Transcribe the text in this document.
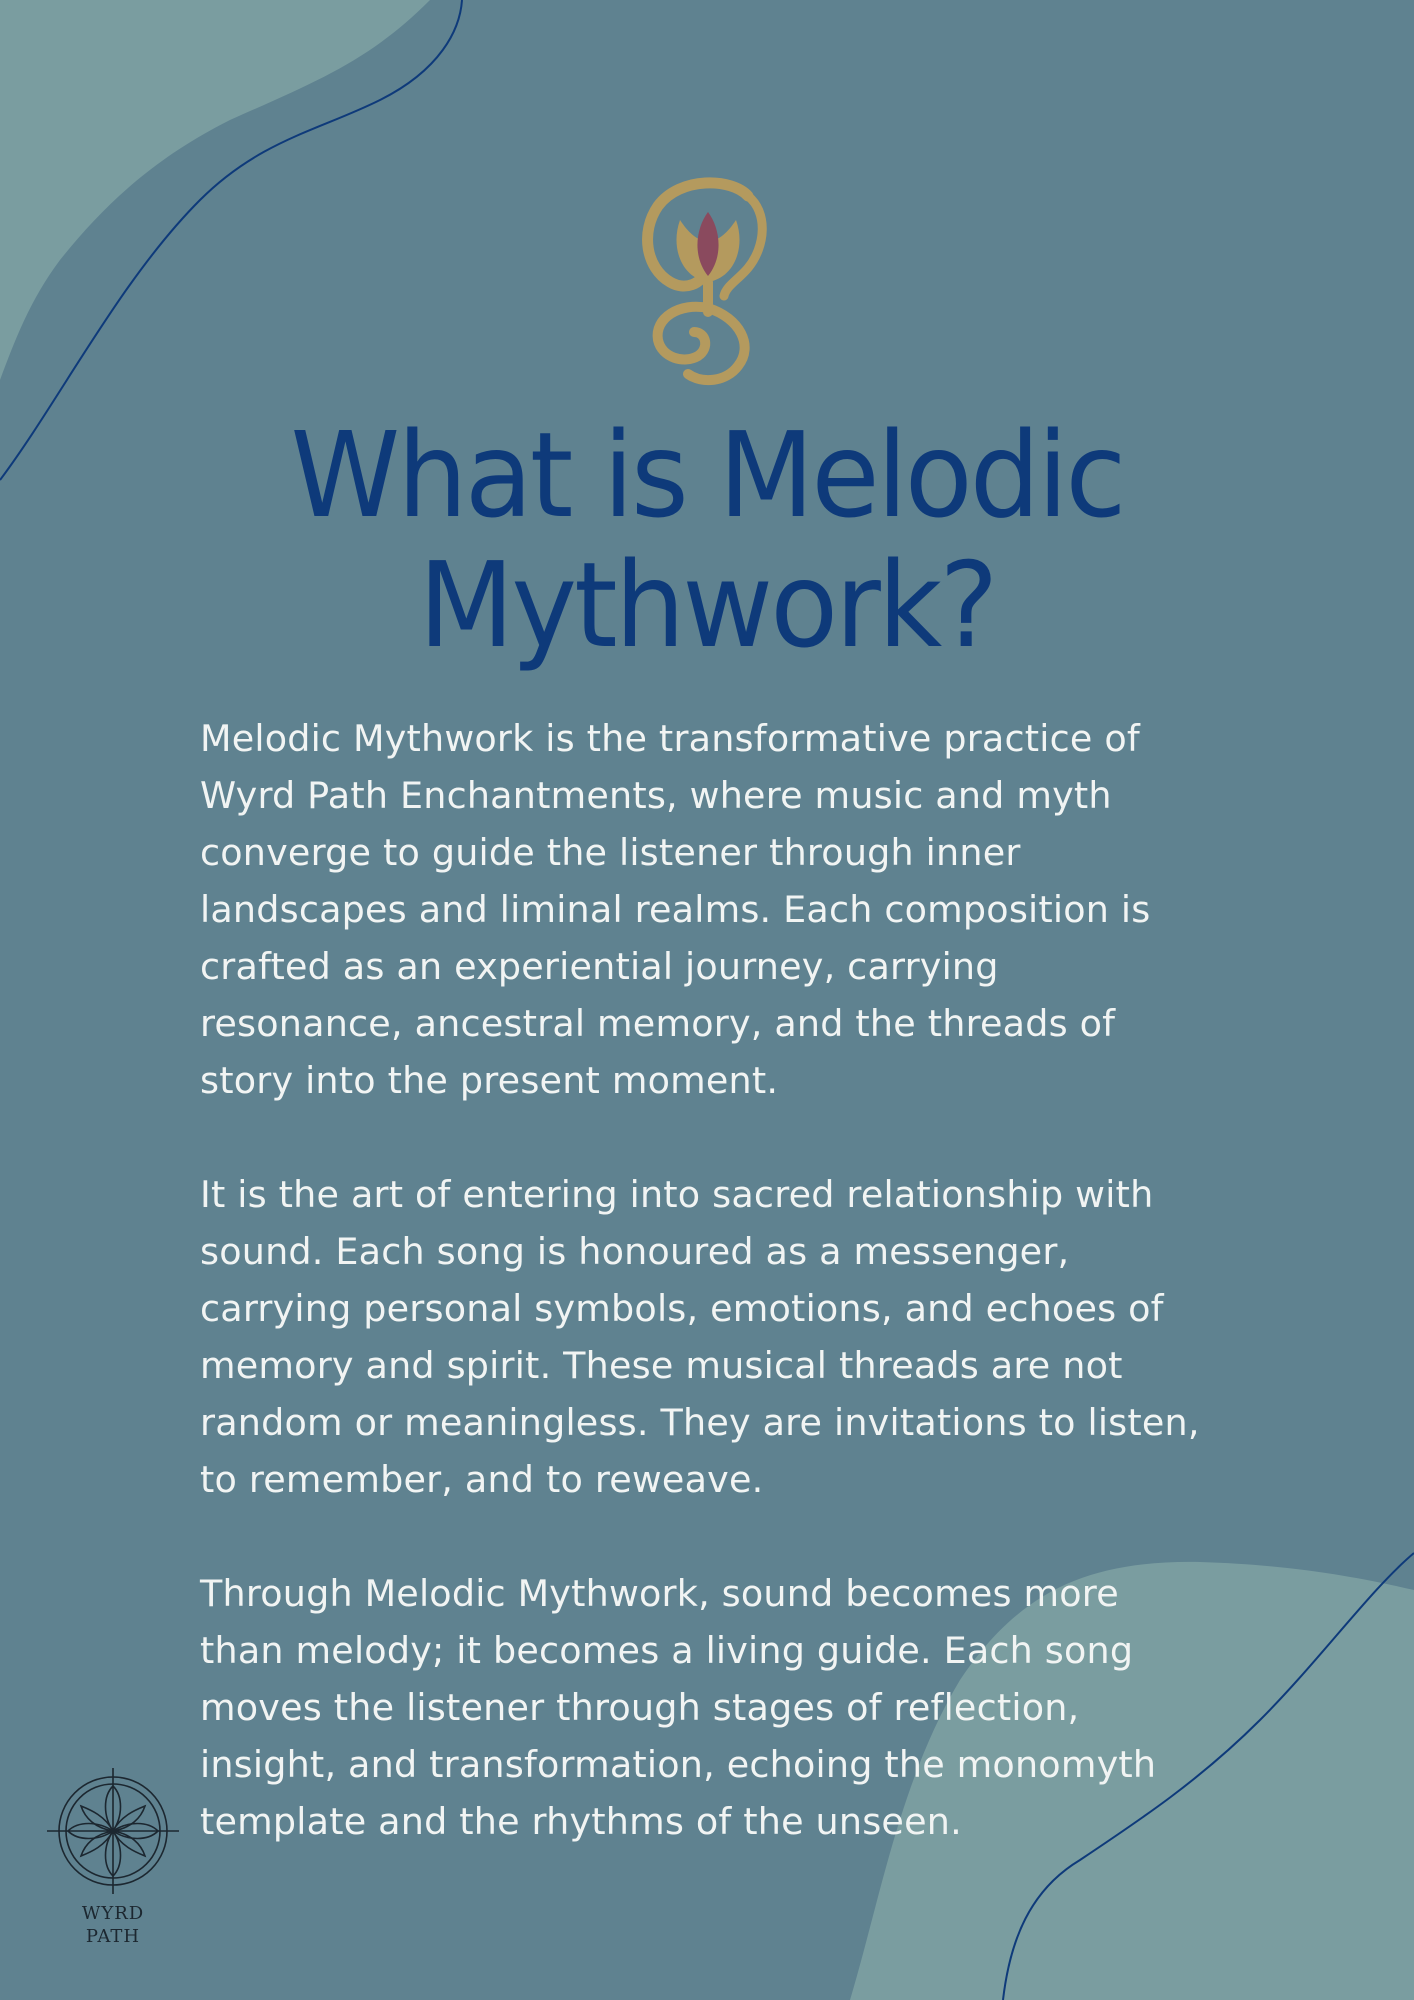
What is Melodic
Mythwork?

Melodic Mythwork is the transformative practice of
Wyrd Path Enchantments, where music and myth
converge to guide the listener through inner
landscapes and liminal realms. Each composition is
crafted as an experiential journey, carrying
resonance, ancestral memory, and the threads of
story into the present moment.

It is the art of entering into sacred relationship with
sound. Each song is honoured as a messenger,
carrying personal symbols, emotions, and echoes of
memory and spirit. These musical threads are not
random or meaningless. They are invitations to listen,
to remember, and to reweave.

Through Melodic Mythwork, sound becomes more
than melody; it becomes a living guide. Each song
moves the listener through stages of reflection,
insight, and transformation, echoing the monomyth
template and the rhythms of the unseen.

WYRD
PATH
